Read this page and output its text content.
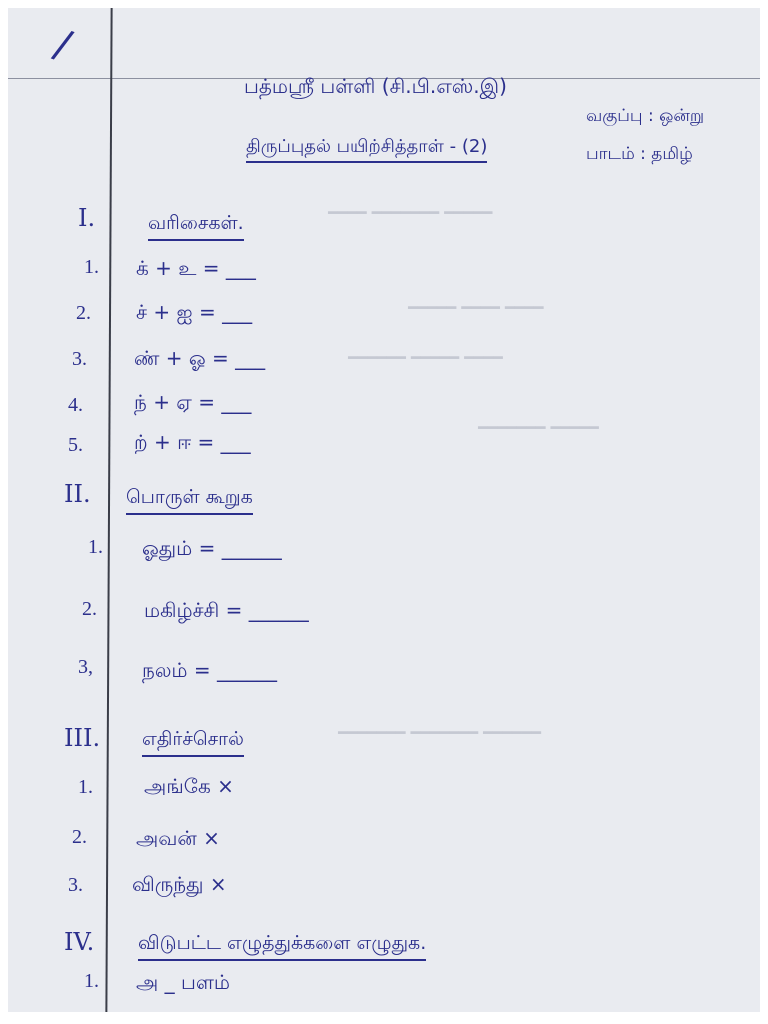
━━━━ ━━━━━━━ ━━━━━
━━━━━ ━━━━ ━━━━
━━━━━━ ━━━━━ ━━━━
━━━━━━━ ━━━━━
━━━━━━━ ━━━━━━━ ━━━━━━
/
பத்மஸ்ரீ பள்ளி (சி.பி.எஸ்.இ)
திருப்புதல் பயிற்சித்தாள் - (2)
வகுப்பு : ஒன்று
பாடம் : தமிழ்
I.	வரிசைகள்.
1. க் + உ = ___
2. ச் + ஐ = ___
3. ண் + ஓ = ___
4.	ந் + ஏ = ___
5.	ற் + ஈ = ___
II. பொருள் கூறுக
1. ஓதும் = ______
2. மகிழ்ச்சி = ______
3, நலம் = ______
III. எதிர்ச்சொல்
1.	அங்கே ×
2. அவன் ×
3. விருந்து ×
IV. விடுபட்ட எழுத்துக்களை எழுதுக.
1. அ _ பளம்
